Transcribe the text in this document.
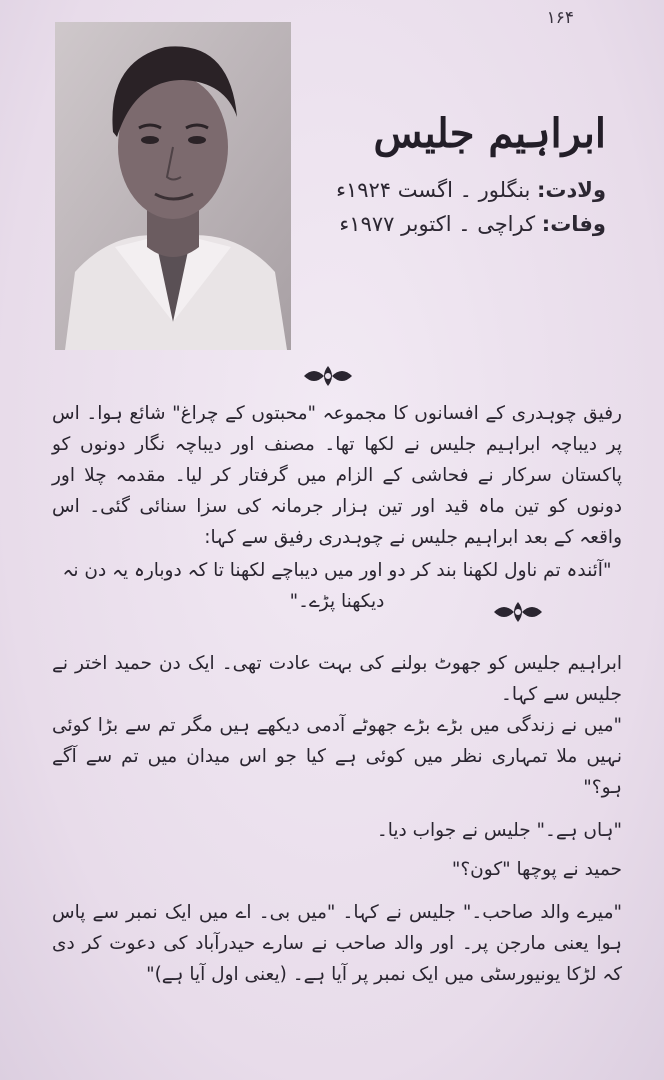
۱۶۴
ابراہیم جلیس
ولادت: بنگلور ۔ اگست ۱۹۲۴ء
وفات: کراچی ۔ اکتوبر ۱۹۷۷ء

رفیق چوہدری کے افسانوں کا مجموعہ "محبتوں کے چراغ" شائع ہوا۔ اس پر دیباچہ ابراہیم جلیس نے لکھا تھا۔ مصنف اور دیباچہ نگار دونوں کو پاکستان سرکار نے فحاشی کے الزام میں گرفتار کر لیا۔ مقدمہ چلا اور دونوں کو تین ماہ قید اور تین ہزار جرمانہ کی سزا سنائی گئی۔ اس واقعہ کے بعد ابراہیم جلیس نے چوہدری رفیق سے کہا:

"آئندہ تم ناول لکھنا بند کر دو اور میں دیباچے لکھنا تا کہ دوبارہ یہ دن نہ دیکھنا پڑے۔"

ابراہیم جلیس کو جھوٹ بولنے کی بہت عادت تھی۔ ایک دن حمید اختر نے جلیس سے کہا۔

"میں نے زندگی میں بڑے بڑے جھوٹے آدمی دیکھے ہیں مگر تم سے بڑا کوئی نہیں ملا تمہاری نظر میں کوئی ہے کیا جو اس میدان میں تم سے آگے ہو؟"

"ہاں ہے۔" جلیس نے جواب دیا۔

حمید نے پوچھا "کون؟"

"میرے والد صاحب۔" جلیس نے کہا۔ "میں بی۔ اے میں ایک نمبر سے پاس ہوا یعنی مارجن پر۔ اور والد صاحب نے سارے حیدرآباد کی دعوت کر دی کہ لڑکا یونیورسٹی میں ایک نمبر پر آیا ہے۔ (یعنی اول آیا ہے)"
